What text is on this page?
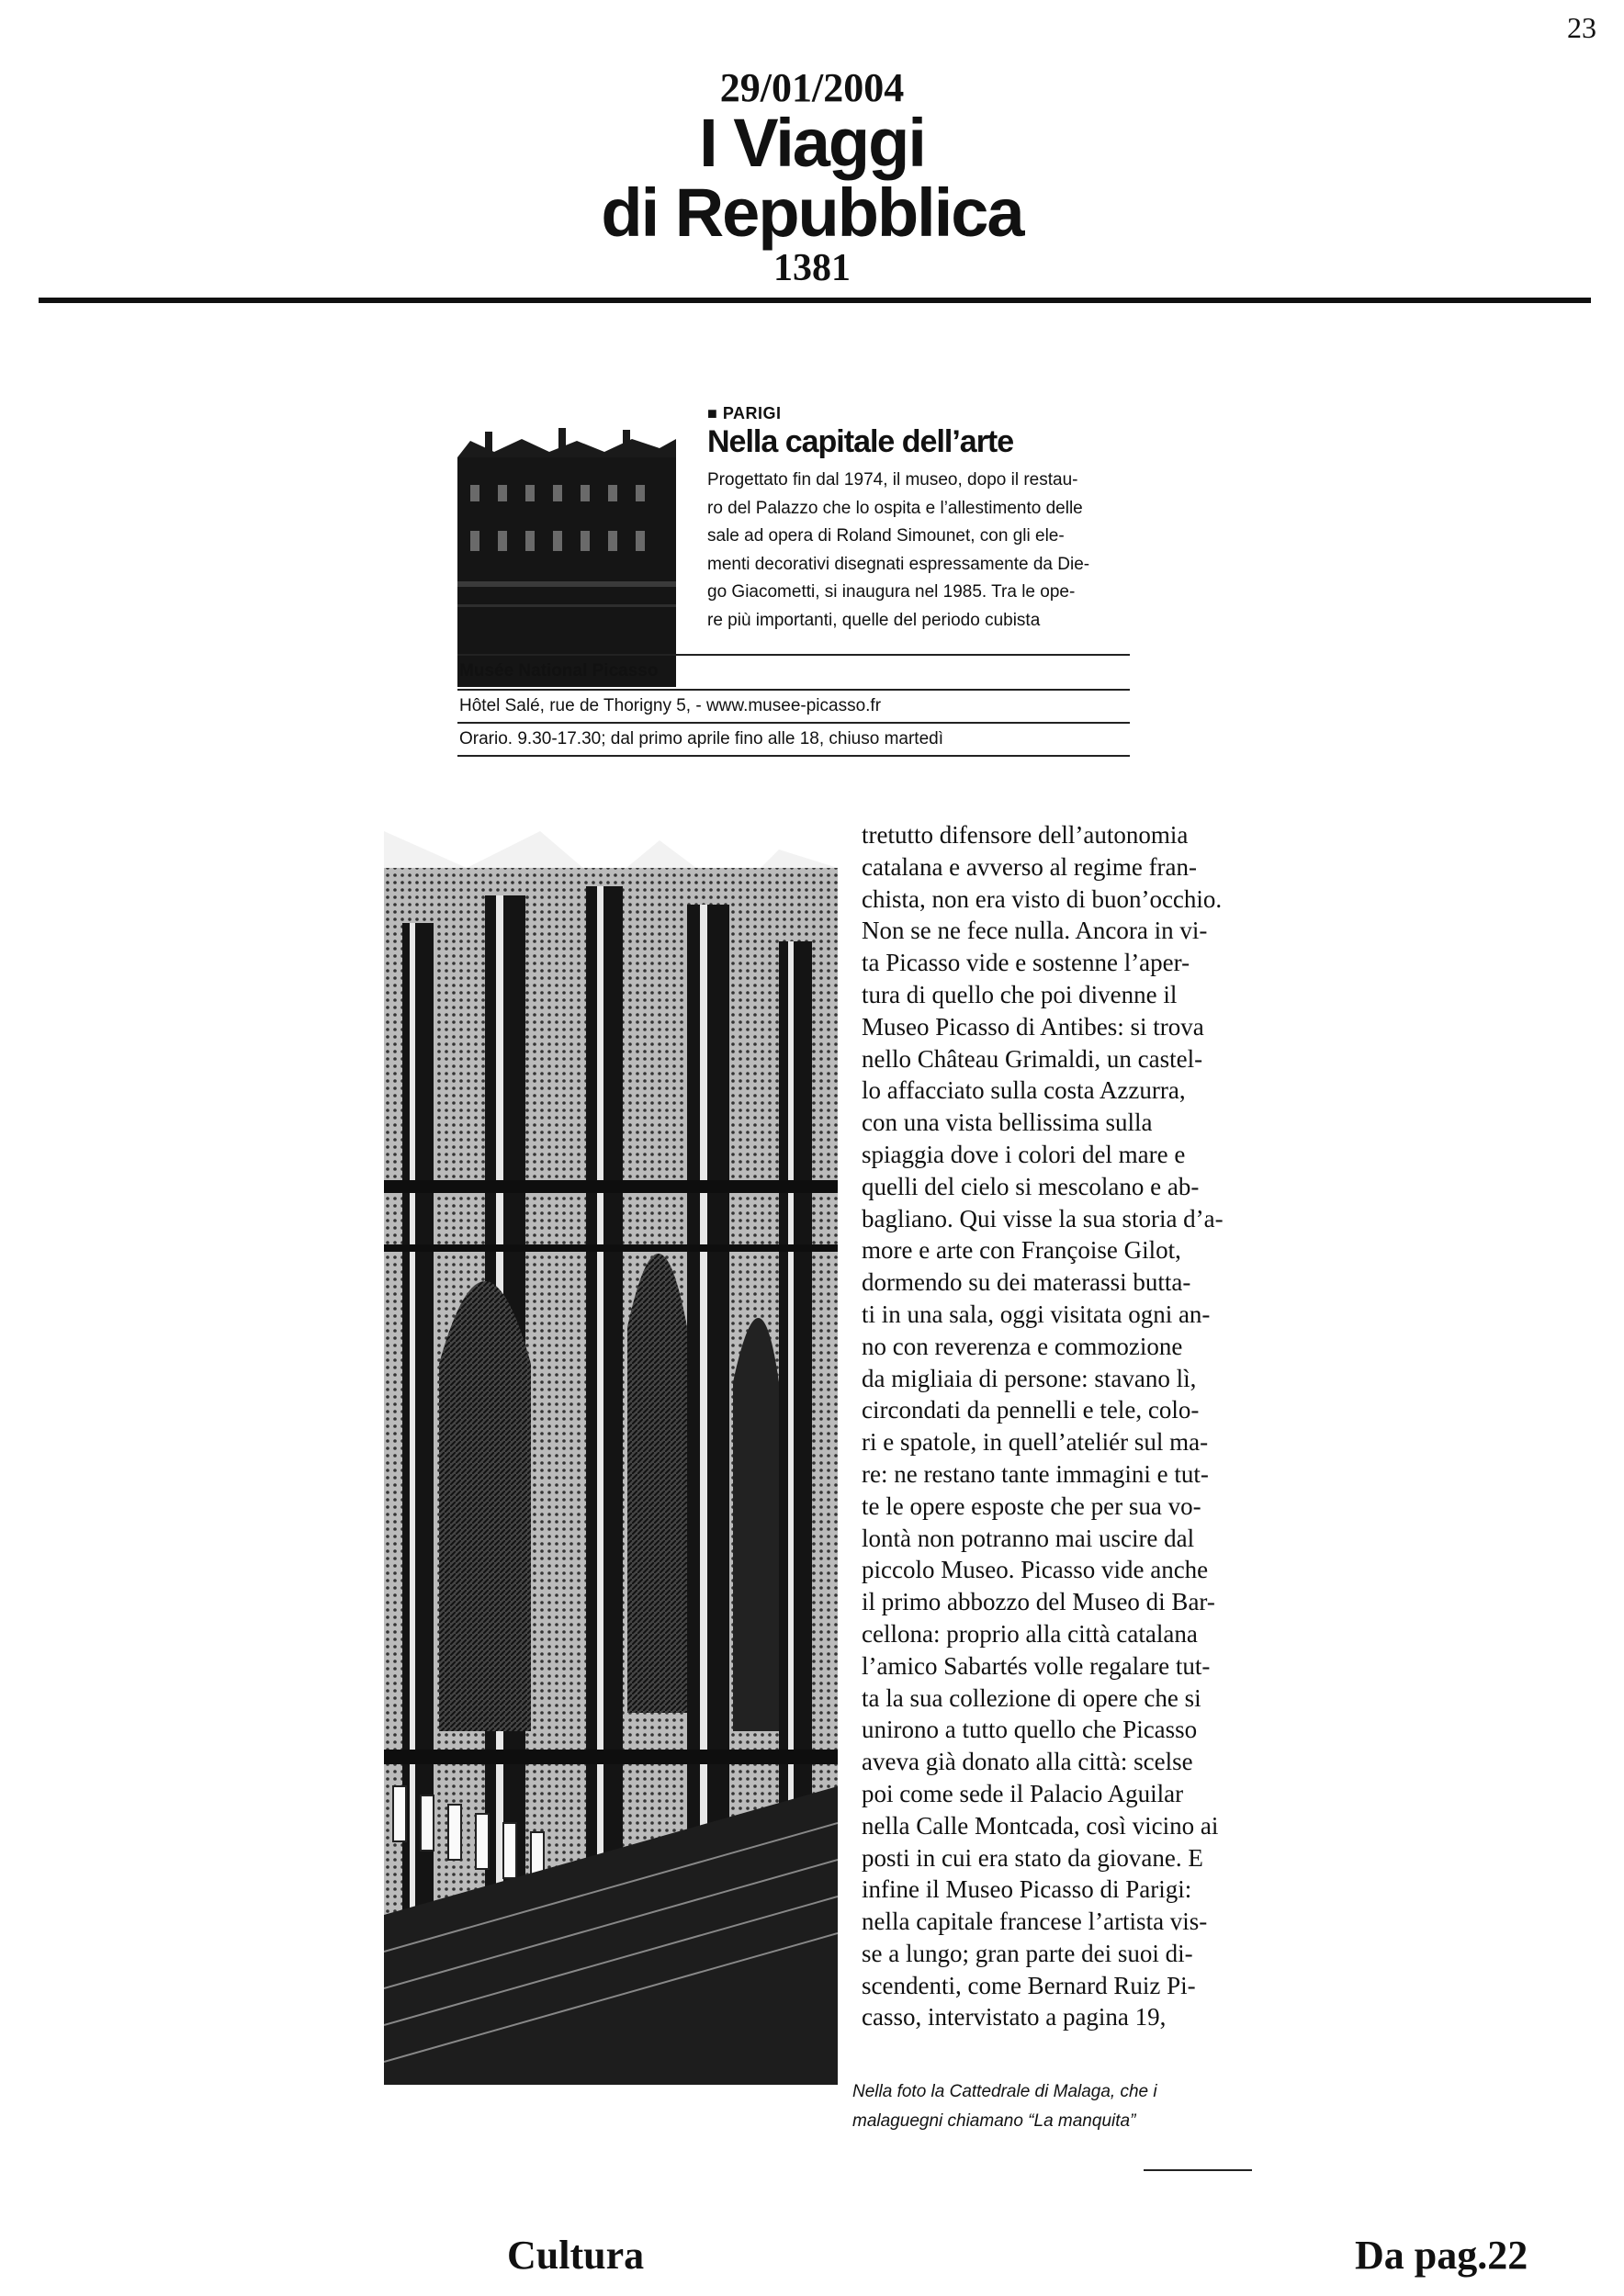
23
29/01/2004
I Viaggi
di Repubblica
1381
■ PARIGI
Nella capitale dell’arte
Progettato fin dal 1974, il museo, dopo il restau-
ro del Palazzo che lo ospita e l’allestimento delle
sale ad opera di Roland Simounet, con gli ele-
menti decorativi disegnati espressamente da Die-
go Giacometti, si inaugura nel 1985. Tra le ope-
re più importanti, quelle del periodo cubista
Musée National Picasso
Hôtel Salé, rue de Thorigny 5, - www.musee-picasso.fr
Orario. 9.30-17.30; dal primo aprile fino alle 18, chiuso martedì
tretutto difensore dell’autonomia
catalana e avverso al regime fran-
chista, non era visto di buon’occhio.
Non se ne fece nulla. Ancora in vi-
ta Picasso vide e sostenne l’aper-
tura di quello che poi divenne il
Museo Picasso di Antibes: si trova
nello Château Grimaldi, un castel-
lo affacciato sulla costa Azzurra,
con una vista bellissima sulla
spiaggia dove i colori del mare e
quelli del cielo si mescolano e ab-
bagliano. Qui visse la sua storia d’a-
more e arte con Françoise Gilot,
dormendo su dei materassi butta-
ti in una sala, oggi visitata ogni an-
no con reverenza e commozione
da migliaia di persone: stavano lì,
circondati da pennelli e tele, colo-
ri e spatole, in quell’ateliér sul ma-
re: ne restano tante immagini e tut-
te le opere esposte che per sua vo-
lontà non potranno mai uscire dal
piccolo Museo. Picasso vide anche
il primo abbozzo del Museo di Bar-
cellona: proprio alla città catalana
l’amico Sabartés volle regalare tut-
ta la sua collezione di opere che si
unirono a tutto quello che Picasso
aveva già donato alla città: scelse
poi come sede il Palacio Aguilar
nella Calle Montcada, così vicino ai
posti in cui era stato da giovane. E
infine il Museo Picasso di Parigi:
nella capitale francese l’artista vis-
se a lungo; gran parte dei suoi di-
scendenti, come Bernard Ruiz Pi-
casso, intervistato a pagina 19,
Nella foto la Cattedrale di Malaga, che i
malaguegni chiamano “La manquita”
Cultura	Da pag.22
